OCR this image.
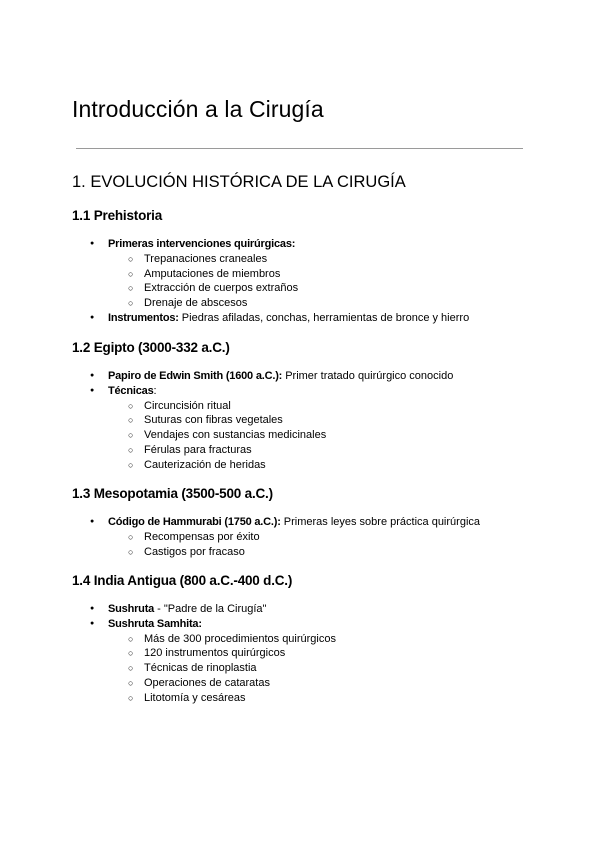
Introducción a la Cirugía
1. EVOLUCIÓN HISTÓRICA DE LA CIRUGÍA
1.1 Prehistoria
● Primeras intervenciones quirúrgicas:
○ Trepanaciones craneales
○ Amputaciones de miembros
○ Extracción de cuerpos extraños
○ Drenaje de abscesos
● Instrumentos: Piedras afiladas, conchas, herramientas de bronce y hierro
1.2 Egipto (3000-332 a.C.)
● Papiro de Edwin Smith (1600 a.C.): Primer tratado quirúrgico conocido
● Técnicas:
○ Circuncisión ritual
○ Suturas con fibras vegetales
○ Vendajes con sustancias medicinales
○ Férulas para fracturas
○ Cauterización de heridas
1.3 Mesopotamia (3500-500 a.C.)
● Código de Hammurabi (1750 a.C.): Primeras leyes sobre práctica quirúrgica
○ Recompensas por éxito
○ Castigos por fracaso
1.4 India Antigua (800 a.C.-400 d.C.)
● Sushruta - "Padre de la Cirugía"
● Sushruta Samhita:
○ Más de 300 procedimientos quirúrgicos
○ 120 instrumentos quirúrgicos
○ Técnicas de rinoplastia
○ Operaciones de cataratas
○ Litotomía y cesáreas
